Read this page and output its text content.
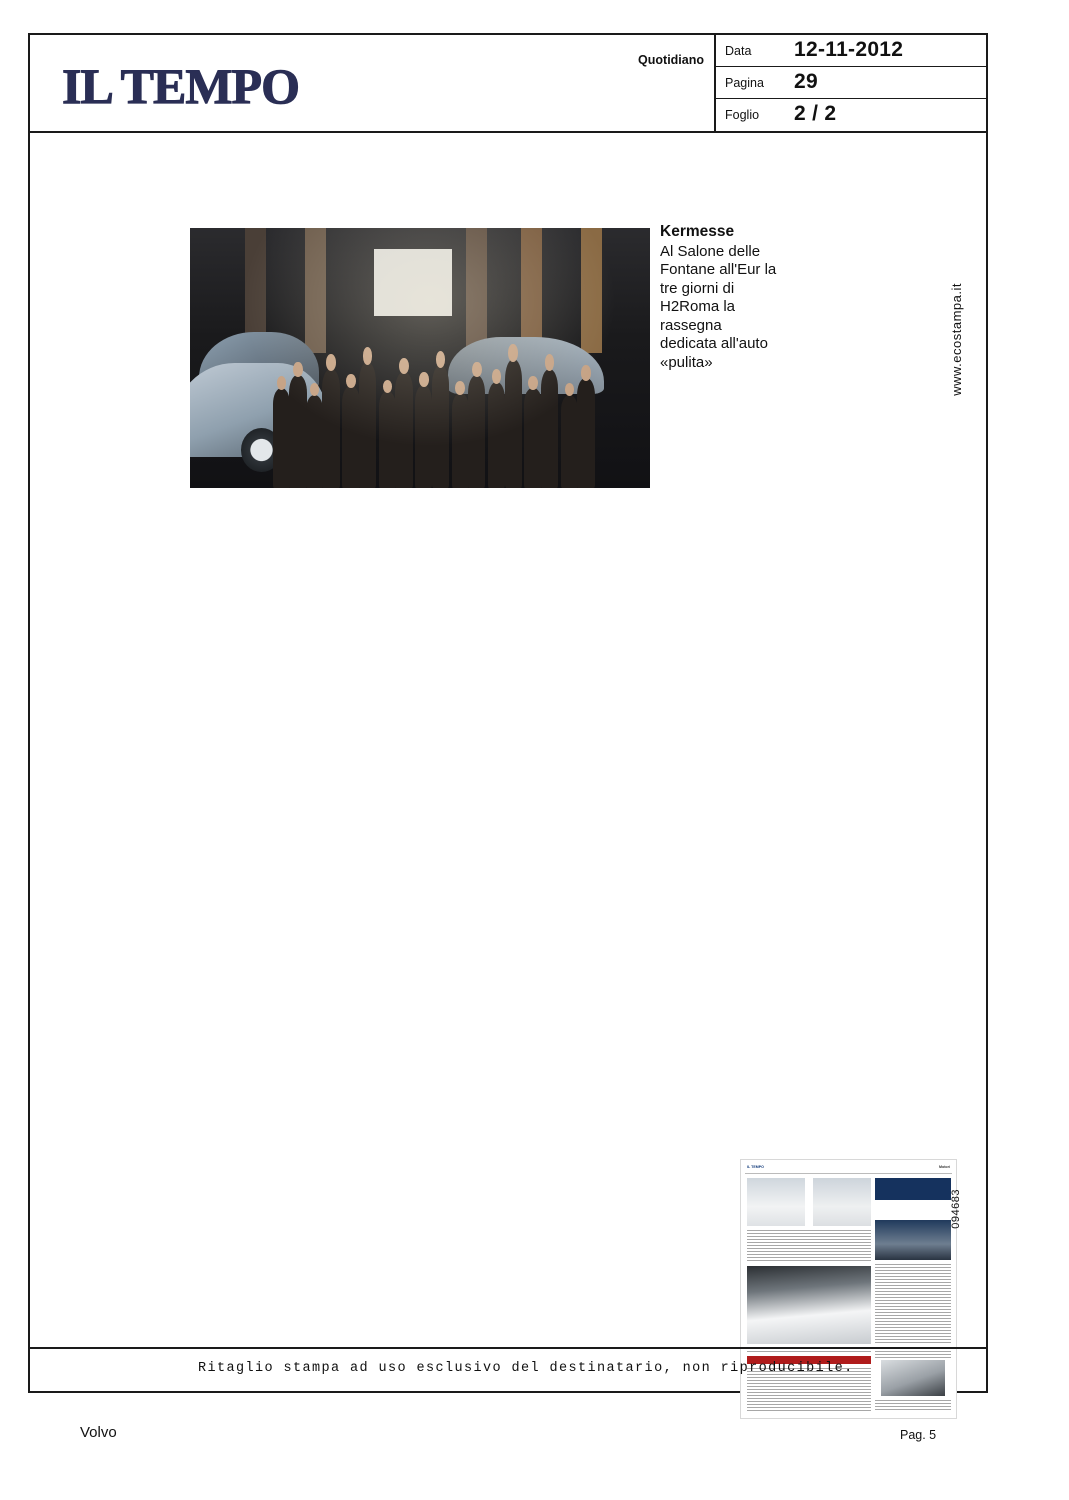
IL TEMPO	Quotidiano
Data 12-11-2012
Pagina 29
Foglio 2 / 2
Kermesse
Al Salone delle Fontane all'Eur la tre giorni di H2Roma la rassegna dedicata all'auto «pulita»
IL TEMPO	Motori
www.ecostampa.it
094683
Ritaglio stampa ad uso esclusivo del destinatario, non riproducibile.
Volvo	Pag. 5
